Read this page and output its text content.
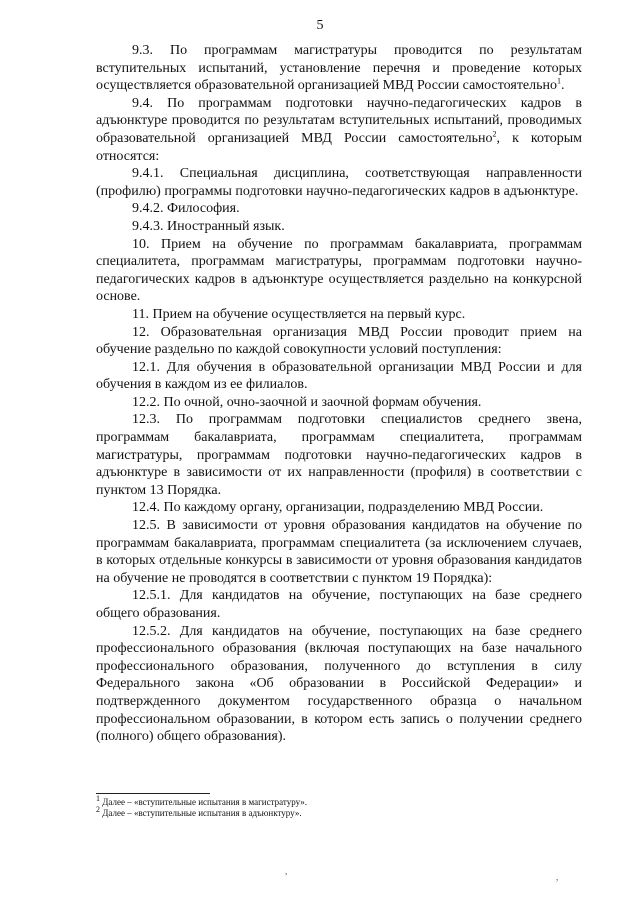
5

9.3. По программам магистратуры проводится по результатам вступительных испытаний, установление перечня и проведение которых осуществляется образовательной организацией МВД России самостоятельно$^1$.

9.4. По программам подготовки научно-педагогических кадров в адъюнктуре проводится по результатам вступительных испытаний, проводимых образовательной организацией МВД России самостоятельно$^2$, к которым относятся:

9.4.1. Специальная дисциплина, соответствующая направленности (профилю) программы подготовки научно-педагогических кадров в адъюнктуре.

9.4.2. Философия.

9.4.3. Иностранный язык.

10. Прием на обучение по программам бакалавриата, программам специалитета, программам магистратуры, программам подготовки научно-педагогических кадров в адъюнктуре осуществляется раздельно на конкурсной основе.

11. Прием на обучение осуществляется на первый курс.

12. Образовательная организация МВД России проводит прием на обучение раздельно по каждой совокупности условий поступления:

12.1. Для обучения в образовательной организации МВД России и для обучения в каждом из ее филиалов.

12.2. По очной, очно-заочной и заочной формам обучения.

12.3. По программам подготовки специалистов среднего звена, программам бакалавриата, программам специалитета, программам магистратуры, программам подготовки научно-педагогических кадров в адъюнктуре в зависимости от их направленности (профиля) в соответствии с пунктом 13 Порядка.

12.4. По каждому органу, организации, подразделению МВД России.

12.5. В зависимости от уровня образования кандидатов на обучение по программам бакалавриата, программам специалитета (за исключением случаев, в которых отдельные конкурсы в зависимости от уровня образования кандидатов на обучение не проводятся в соответствии с пунктом 19 Порядка):

12.5.1. Для кандидатов на обучение, поступающих на базе среднего общего образования.

12.5.2. Для кандидатов на обучение, поступающих на базе среднего профессионального образования (включая поступающих на базе начального профессионального образования, полученного до вступления в силу Федерального закона «Об образовании в Российской Федерации» и подтвержденного документом государственного образца о начальном профессиональном образовании, в котором есть запись о получении среднего (полного) общего образования).

1 Далее – «вступительные испытания в магистратуру».

2 Далее – «вступительные испытания в адъюнктуру».

,
,
